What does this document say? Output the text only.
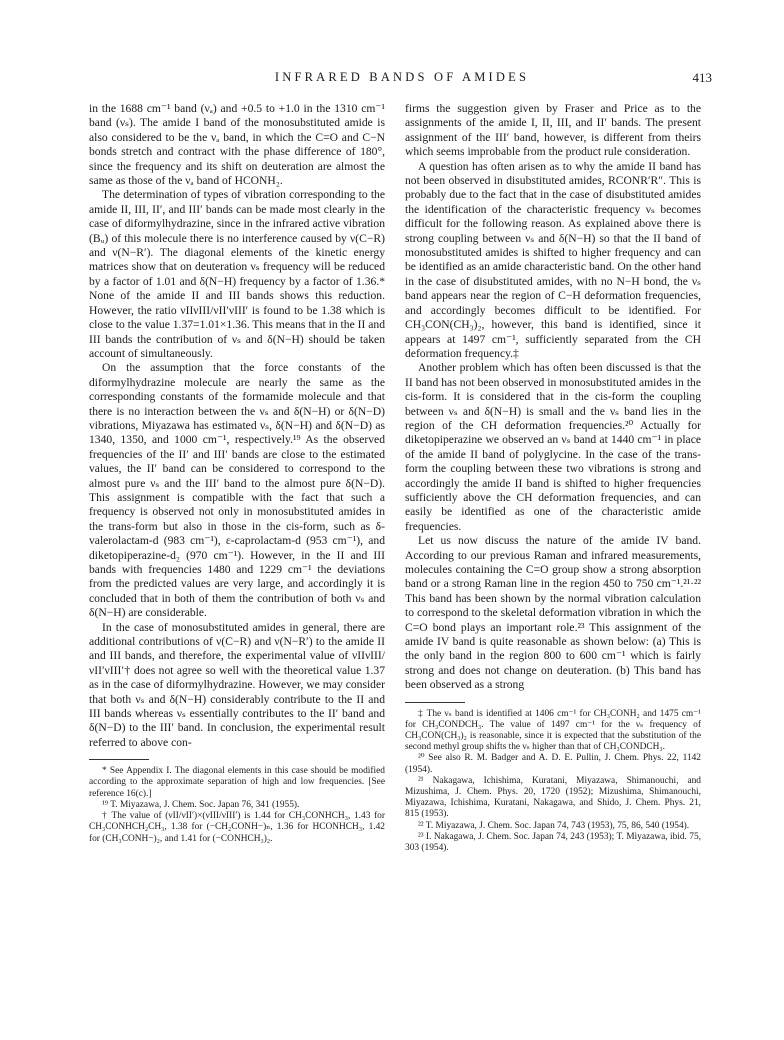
INFRARED BANDS OF AMIDES	413

in the 1688 cm⁻¹ band (νₐ) and +0.5 to +1.0 in the 1310 cm⁻¹ band (νₛ). The amide I band of the monosubstituted amide is also considered to be the νₐ band, in which the C=O and C−N bonds stretch and contract with the phase difference of 180°, since the frequency and its shift on deuteration are almost the same as those of the νₐ band of HCONH₂.

The determination of types of vibration corresponding to the amide II, III, II′, and III′ bands can be made most clearly in the case of diformylhydrazine, since in the infrared active vibration (Bᵤ) of this molecule there is no interference caused by ν(C−R) and ν(N−R′). The diagonal elements of the kinetic energy matrices show that on deuteration νₛ frequency will be reduced by a factor of 1.01 and δ(N−H) frequency by a factor of 1.36.* None of the amide II and III bands shows this reduction. However, the ratio νIIνIII/νII′νIII′ is found to be 1.38 which is close to the value 1.37=1.01×1.36. This means that in the II and III bands the contribution of νₛ and δ(N−H) should be taken account of simultaneously.

On the assumption that the force constants of the diformylhydrazine molecule are nearly the same as the corresponding constants of the formamide molecule and that there is no interaction between the νₛ and δ(N−H) or δ(N−D) vibrations, Miyazawa has estimated νₛ, δ(N−H) and δ(N−D) as 1340, 1350, and 1000 cm⁻¹, respectively.¹⁹ As the observed frequencies of the II′ and III′ bands are close to the estimated values, the II′ band can be considered to correspond to the almost pure νₛ and the III′ band to the almost pure δ(N−D). This assignment is compatible with the fact that such a frequency is observed not only in monosubstituted amides in the trans-form but also in those in the cis-form, such as δ-valerolactam-d (983 cm⁻¹), ε-caprolactam-d (953 cm⁻¹), and diketopiperazine-d₂ (970 cm⁻¹). However, in the II and III bands with frequencies 1480 and 1229 cm⁻¹ the deviations from the predicted values are very large, and accordingly it is concluded that in both of them the contribution of both νₛ and δ(N−H) are considerable.

In the case of monosubstituted amides in general, there are additional contributions of ν(C−R) and ν(N−R′) to the amide II and III bands, and therefore, the experimental value of νIIνIII/νII′νIII′† does not agree so well with the theoretical value 1.37 as in the case of diformylhydrazine. However, we may consider that both νₛ and δ(N−H) considerably contribute to the II and III bands whereas νₛ essentially contributes to the II′ band and δ(N−D) to the III′ band. In conclusion, the experimental result referred to above con-

* See Appendix I. The diagonal elements in this case should be modified according to the approximate separation of high and low frequencies. [See reference 16(c).]

¹⁹ T. Miyazawa, J. Chem. Soc. Japan 76, 341 (1955).

† The value of (νII/νII′)×(νIII/νIII′) is 1.44 for CH₃CONHCH₃, 1.43 for CH₃CONHCH₂CH₃, 1.38 for (−CH₂CONH−)ₙ, 1.36 for HCONHCH₃, 1.42 for (CH₃CONH−)₂, and 1.41 for (−CONHCH₃)₂.

firms the suggestion given by Fraser and Price as to the assignments of the amide I, II, III, and II′ bands. The present assignment of the III′ band, however, is different from theirs which seems improbable from the product rule consideration.

A question has often arisen as to why the amide II band has not been observed in disubstituted amides, RCONR′R″. This is probably due to the fact that in the case of disubstituted amides the identification of the characteristic frequency νₛ becomes difficult for the following reason. As explained above there is strong coupling between νₛ and δ(N−H) so that the II band of monosubstituted amides is shifted to higher frequency and can be identified as an amide characteristic band. On the other hand in the case of disubstituted amides, with no N−H bond, the νₛ band appears near the region of C−H deformation frequencies, and accordingly becomes difficult to be identified. For CH₃CON(CH₃)₂, however, this band is identified, since it appears at 1497 cm⁻¹, sufficiently separated from the CH deformation frequency.‡

Another problem which has often been discussed is that the II band has not been observed in monosubstituted amides in the cis-form. It is considered that in the cis-form the coupling between νₛ and δ(N−H) is small and the νₛ band lies in the region of the CH deformation frequencies.²⁰ Actually for diketopiperazine we observed an νₛ band at 1440 cm⁻¹ in place of the amide II band of polyglycine. In the case of the trans-form the coupling between these two vibrations is strong and accordingly the amide II band is shifted to higher frequencies sufficiently above the CH deformation frequencies, and can easily be identified as one of the characteristic amide frequencies.

Let us now discuss the nature of the amide IV band. According to our previous Raman and infrared measurements, molecules containing the C=O group show a strong absorption band or a strong Raman line in the region 450 to 750 cm⁻¹.²¹·²² This band has been shown by the normal vibration calculation to correspond to the skeletal deformation vibration in which the C=O bond plays an important role.²³ This assignment of the amide IV band is quite reasonable as shown below: (a) This is the only band in the region 800 to 600 cm⁻¹ which is fairly strong and does not change on deuteration. (b) This band has been observed as a strong

‡ The νₛ band is identified at 1406 cm⁻¹ for CH₃CONH₂ and 1475 cm⁻¹ for CH₃CONDCH₃. The value of 1497 cm⁻¹ for the νₛ frequency of CH₃CON(CH₃)₂ is reasonable, since it is expected that the substitution of the second methyl group shifts the νₛ higher than that of CH₃CONDCH₃.

²⁰ See also R. M. Badger and A. D. E. Pullin, J. Chem. Phys. 22, 1142 (1954).

²¹ Nakagawa, Ichishima, Kuratani, Miyazawa, Shimanouchi, and Mizushima, J. Chem. Phys. 20, 1720 (1952); Mizushima, Shimanouchi, Miyazawa, Ichishima, Kuratani, Nakagawa, and Shido, J. Chem. Phys. 21, 815 (1953).

²² T. Miyazawa, J. Chem. Soc. Japan 74, 743 (1953), 75, 86, 540 (1954).

²³ I. Nakagawa, J. Chem. Soc. Japan 74, 243 (1953); T. Miyazawa, ibid. 75, 303 (1954).
